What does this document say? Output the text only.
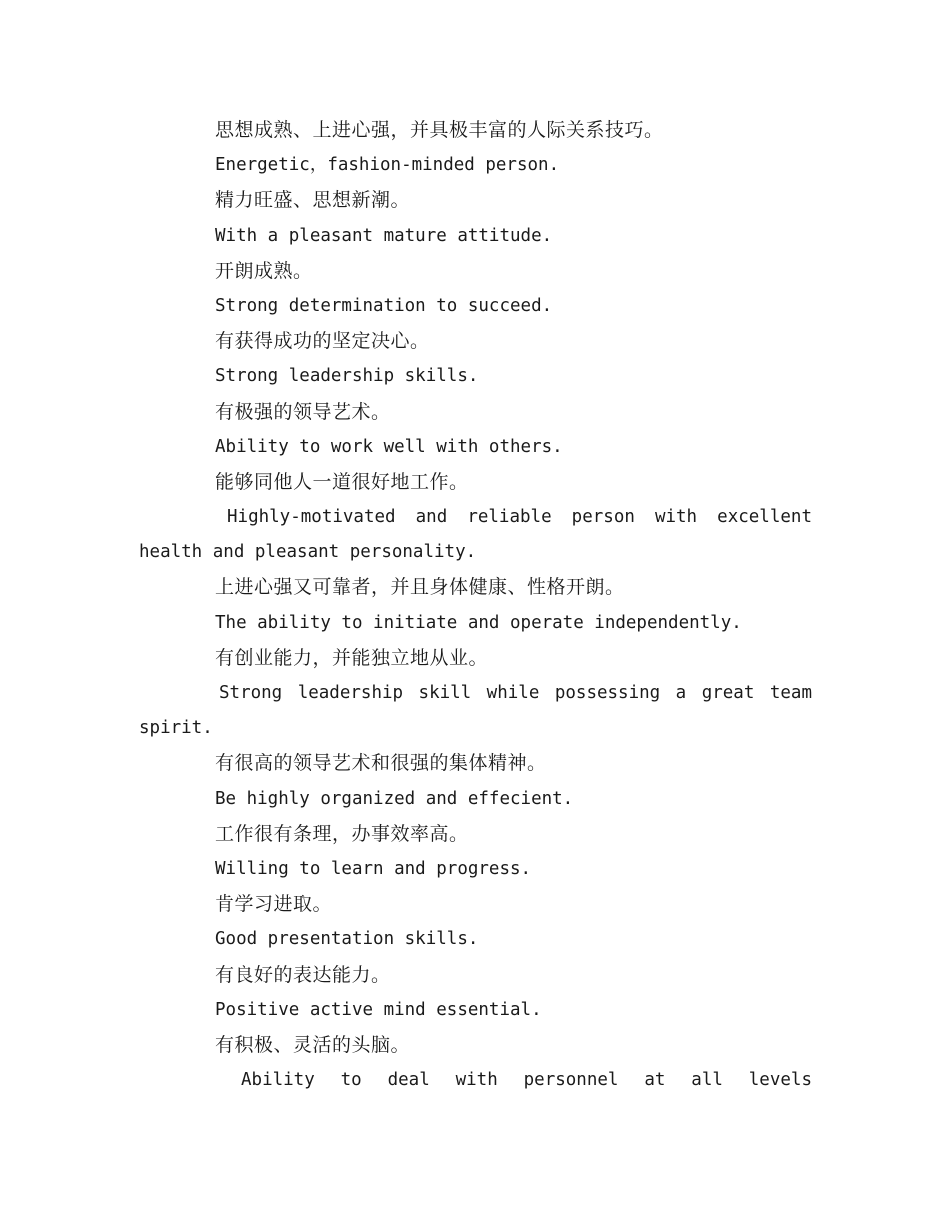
思想成熟、上进心强，并具极丰富的人际关系技巧。
Energetic，fashion-minded person.
精力旺盛、思想新潮。
With a pleasant mature attitude.
开朗成熟。
Strong determination to succeed.
有获得成功的坚定决心。
Strong leadership skills.
有极强的领导艺术。
Ability to work well with others.
能够同他人一道很好地工作。
Highly-motivated and reliable person with excellent
health and pleasant personality.
上进心强又可靠者，并且身体健康、性格开朗。
The ability to initiate and operate independently.
有创业能力，并能独立地从业。
Strong leadership skill while possessing a great team
spirit.
有很高的领导艺术和很强的集体精神。
Be highly organized and effecient.
工作很有条理，办事效率高。
Willing to learn and progress.
肯学习进取。
Good presentation skills.
有良好的表达能力。
Positive active mind essential.
有积极、灵活的头脑。
Ability to deal with personnel at all levels
